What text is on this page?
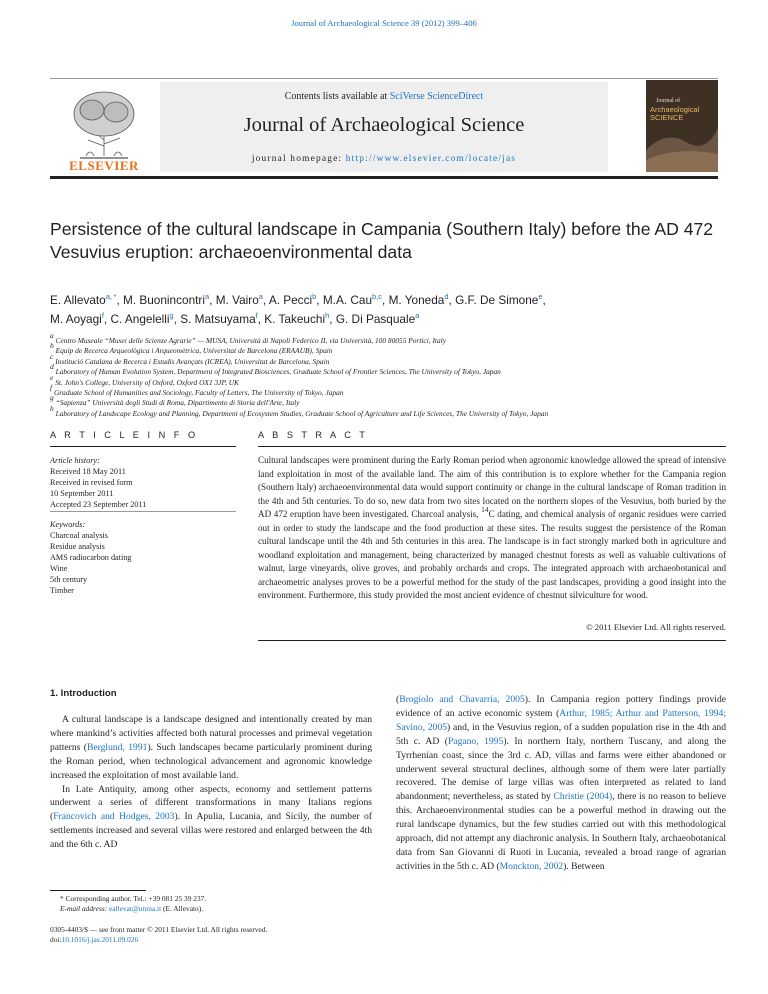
Journal of Archaeological Science 39 (2012) 399–406
ELSEVIER
Contents lists available at SciVerse ScienceDirect
Journal of Archaeological Science
journal homepage: http://www.elsevier.com/locate/jas
Journal of
Archaeological SCIENCE
Persistence of the cultural landscape in Campania (Southern Italy) before the AD 472 Vesuvius eruption: archaeoenvironmental data
E. Allevato$^{a, *}$, M. Buonincontri$^a$, M. Vairo$^a$, A. Pecci$^b$, M.A. Cau$^{b,c}$, M. Yoneda$^d$, G.F. De Simone$^e$,
M. Aoyagi$^f$, C. Angelelli$^g$, S. Matsuyama$^f$, K. Takeuchi$^h$, G. Di Pasquale$^a$
$^a$ Centro Museale “Musei delle Scienze Agrarie” — MUSA, Università di Napoli Federico II, via Università, 100 80055 Portici, Italy
$^b$ Equip de Recerca Arqueològica i Arqueomètrica, Universitat de Barcelona (ERAAUB), Spain
$^c$ Institució Catalana de Recerca i Estudis Avançats (ICREA), Universitat de Barcelona, Spain
$^d$ Laboratory of Human Evolution System, Department of Integrated Biosciences, Graduate School of Frontier Sciences, The University of Tokyo, Japan
$^e$ St. John's College, University of Oxford, Oxford OX1 3JP, UK
$^f$ Graduate School of Humanities and Sociology, Faculty of Letters, The University of Tokyo, Japan
$^g$ “Sapienza” Università degli Studi di Roma, Dipartimento di Storia dell'Arte, Italy
$^h$ Laboratory of Landscape Ecology and Planning, Department of Ecosystem Studies, Graduate School of Agriculture and Life Sciences, The University of Tokyo, Japan
A R T I C L E I N F O	A B S T R A C T
Article history:
Received 18 May 2011
Received in revised form
10 September 2011
Accepted 23 September 2011
Keywords:
Charcoal analysis
Residue analysis
AMS radiocarbon dating
Wine
5th century
Timber
Cultural landscapes were prominent during the Early Roman period when agronomic knowledge allowed the spread of intensive land exploitation in most of the available land. The aim of this contribution is to explore whether for the Campania region (Southern Italy) archaeoenvironmental data would support continuity or change in the cultural landscape of Roman tradition in the 4th and 5th centuries. To do so, new data from two sites located on the northern slopes of the Vesuvius, both buried by the AD 472 eruption have been investigated. Charcoal analysis, $^{14}$C dating, and chemical analysis of organic residues were carried out in order to study the landscape and the food production at these sites. The results suggest the persistence of the Roman cultural landscape until the 4th and 5th centuries in this area. The landscape is in fact strongly marked both in agriculture and woodland exploitation and management, being characterized by managed chestnut forests as well as valuable cultivations of walnut, large vineyards, olive groves, and probably orchards and crops. The integrated approach with archaeobotanical and archaeometric analyses proves to be a powerful method for the study of the past landscapes, providing a good insight into the environment. Furthermore, this study provided the most ancient evidence of chestnut silviculture for wood.
© 2011 Elsevier Ltd. All rights reserved.
1. Introduction

A cultural landscape is a landscape designed and intentionally created by man where mankind’s activities affected both natural processes and primeval vegetation patterns (Berglund, 1991). Such landscapes became particularly prominent during the Roman period, when technological advancement and agronomic knowledge increased the exploitation of most available land.

In Late Antiquity, among other aspects, economy and settlement patterns underwent a series of different transformations in many Italians regions (Francovich and Hodges, 2003). In Apulia, Lucania, and Sicily, the number of settlements increased and several villas were restored and enlarged between the 4th and the 6th c. AD

(Brogiolo and Chavarría, 2005). In Campania region pottery findings provide evidence of an active economic system (Arthur, 1985; Arthur and Patterson, 1994; Savino, 2005) and, in the Vesuvius region, of a sudden population rise in the 4th and 5th c. AD (Pagano, 1995). In northern Italy, northern Tuscany, and along the Tyrrhenian coast, since the 3rd c. AD, villas and farms were either abandoned or underwent several structural declines, although some of them were later partially recovered. The demise of large villas was often interpreted as related to land abandonment; nevertheless, as stated by Christie (2004), there is no reason to believe this. Archaeoenvironmental studies can be a powerful method in drawing out the rural landscape dynamics, but the few studies carried out with this methodological approach, did not attempt any diachronic analysis. In Southern Italy, archaeobotanical data from San Giovanni di Ruoti in Lucania, revealed a broad range of agrarian activities in the 5th c. AD (Monckton, 2002). Between

* Corresponding author. Tel.: +39 081 25 39 237.
E-mail address: eallevat@unina.it (E. Allevato).
0305-4403/$ — see front matter © 2011 Elsevier Ltd. All rights reserved.
doi:10.1016/j.jas.2011.09.026
